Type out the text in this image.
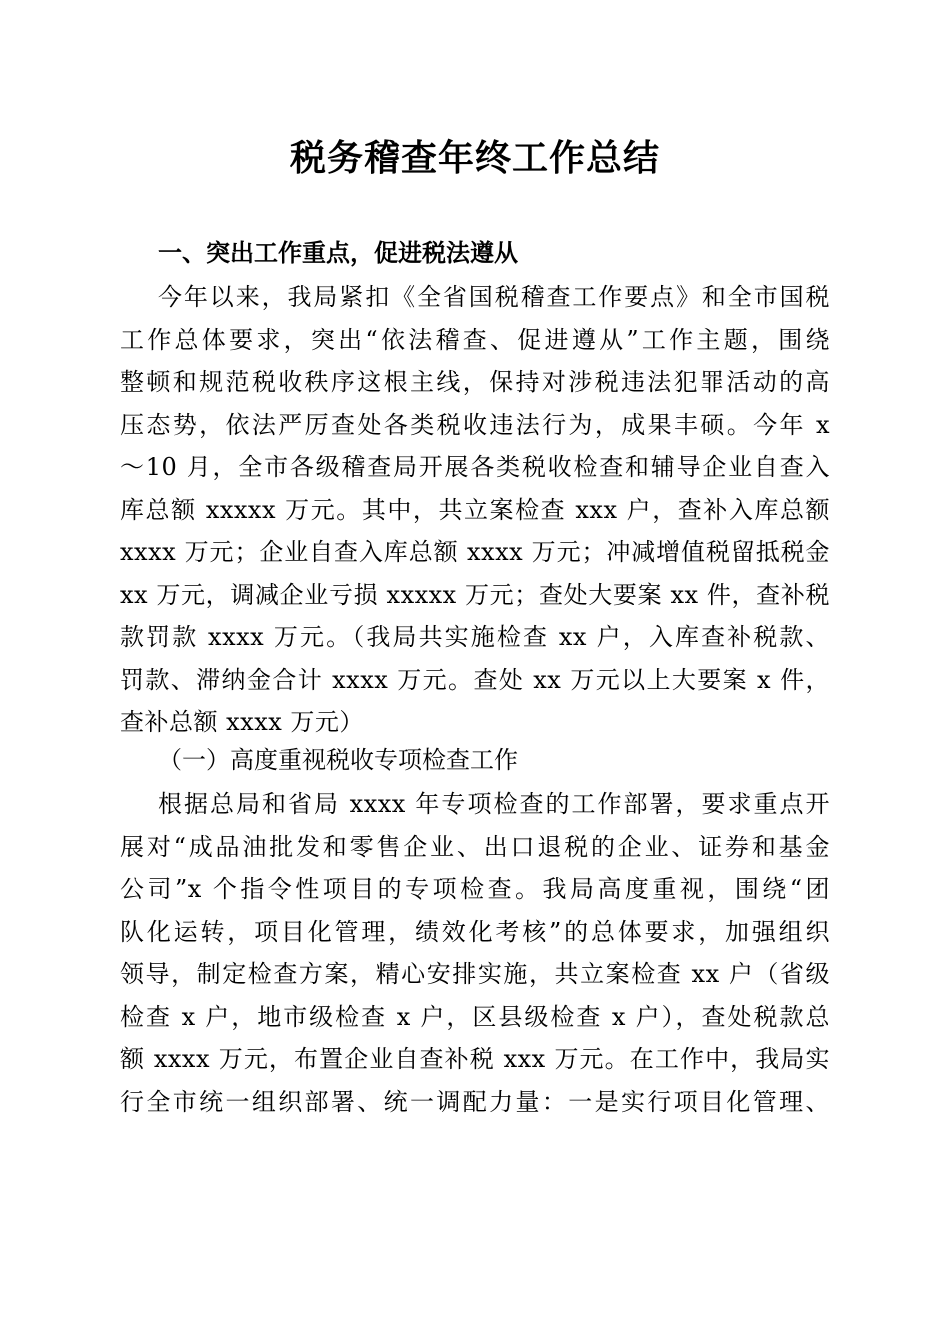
税务稽查年终工作总结
一、突出工作重点，促进税法遵从
今年以来，我局紧扣《全省国税稽查工作要点》和全市国税
工作总体要求，突出“依法稽查、促进遵从”工作主题，围绕
整顿和规范税收秩序这根主线，保持对涉税违法犯罪活动的高
压态势，依法严厉查处各类税收违法行为，成果丰硕。今年 x
～10 月，全市各级稽查局开展各类税收检查和辅导企业自查入
库总额 xxxxx 万元。其中，共立案检查 xxx 户，查补入库总额
xxxx 万元；企业自查入库总额 xxxx 万元；冲减增值税留抵税金
xx 万元，调减企业亏损 xxxxx 万元；查处大要案 xx 件，查补税
款罚款 xxxx 万元。（我局共实施检查 xx 户，入库查补税款、
罚款、滞纳金合计 xxxx 万元。查处 xx 万元以上大要案 x 件，
查补总额 xxxx 万元）
（一）高度重视税收专项检查工作
根据总局和省局 xxxx 年专项检查的工作部署，要求重点开
展对“成品油批发和零售企业、出口退税的企业、证券和基金
公司”x 个指令性项目的专项检查。我局高度重视，围绕“团
队化运转，项目化管理，绩效化考核”的总体要求，加强组织
领导，制定检查方案，精心安排实施，共立案检查 xx 户（省级
检查 x 户，地市级检查 x 户，区县级检查 x 户），查处税款总
额 xxxx 万元，布置企业自查补税 xxx 万元。在工作中，我局实
行全市统一组织部署、统一调配力量：一是实行项目化管理、
